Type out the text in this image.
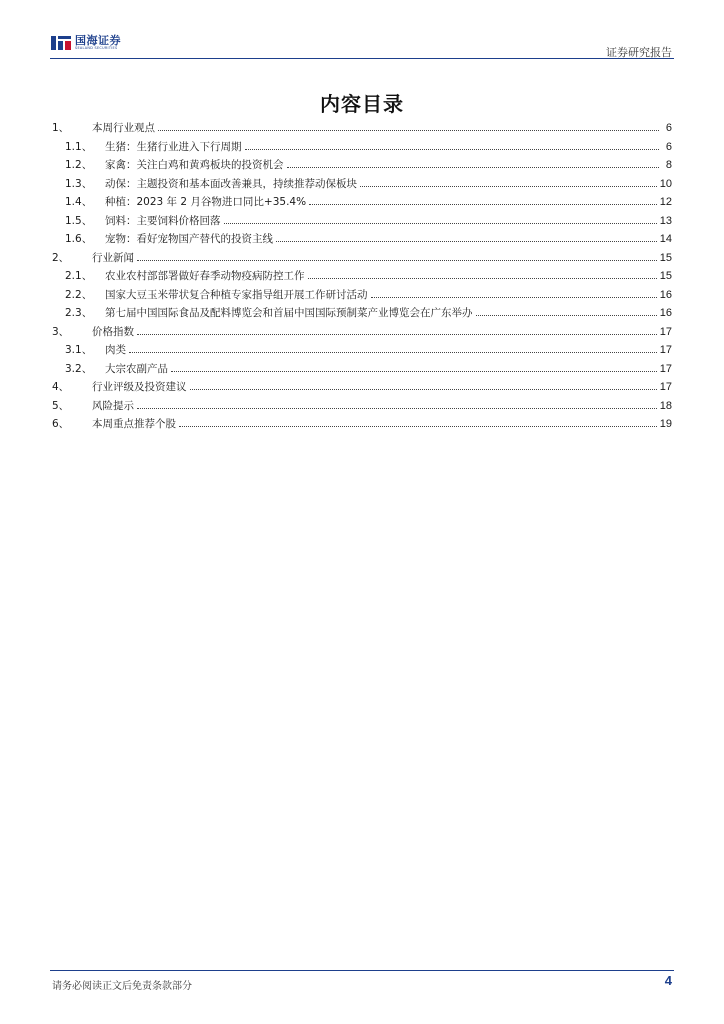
国海证券
SEALAND SECURITIES	证券研究报告
内容目录
1、	本周行业观点	6
1.1、	生猪：生猪行业进入下行周期	6
1.2、	家禽：关注白鸡和黄鸡板块的投资机会	8
1.3、	动保：主题投资和基本面改善兼具，持续推荐动保板块	10
1.4、	种植：2023 年 2 月谷物进口同比+35.4%	12
1.5、	饲料：主要饲料价格回落	13
1.6、	宠物：看好宠物国产替代的投资主线	14
2、	行业新闻	15
2.1、	农业农村部部署做好春季动物疫病防控工作	15
2.2、	国家大豆玉米带状复合种植专家指导组开展工作研讨活动	16
2.3、	第七届中国国际食品及配料博览会和首届中国国际预制菜产业博览会在广东举办	16
3、	价格指数	17
3.1、	肉类	17
3.2、	大宗农副产品	17
4、	行业评级及投资建议	17
5、	风险提示	18
6、	本周重点推荐个股	19
请务必阅读正文后免责条款部分	4
